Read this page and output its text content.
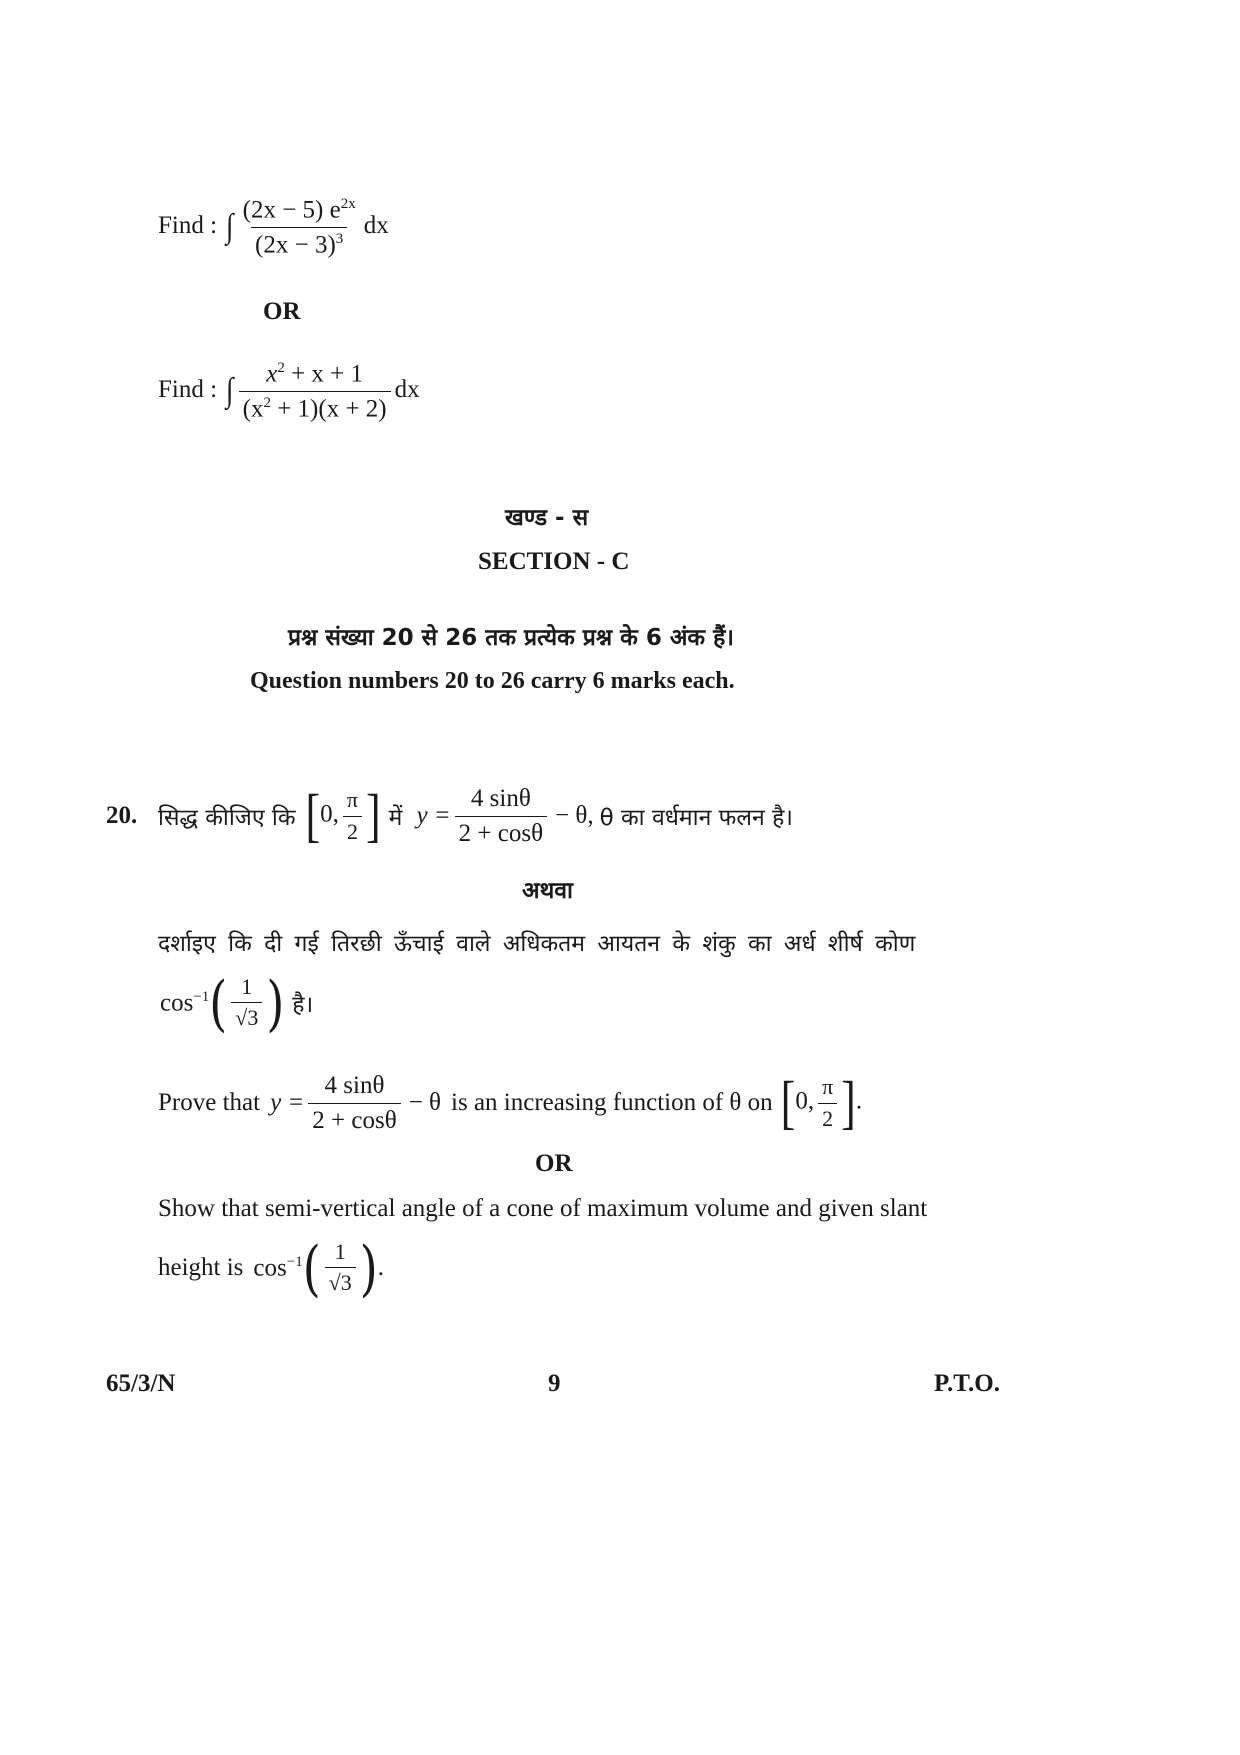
Find : ∫ $\frac{(2x - 5) e^{2x}}{(2x - 3)^3}$ dx
OR
Find : ∫ $\frac{x^2 + x + 1}{(x^2 + 1)(x + 2)}$ dx
खण्ड - स
SECTION - C
प्रश्न संख्या 20 से 26 तक प्रत्येक प्रश्न के 6 अंक हैं।
Question numbers 20 to 26 carry 6 marks each.
20. सिद्ध कीजिए कि [0, $\frac{\pi}{2}$ ] में $y = \frac{4 \sin\theta}{2 + \cos\theta} - \theta$, θ का वर्धमान फलन है।
अथवा
दर्शाइए कि दी गई तिरछी ऊँचाई वाले अधिकतम आयतन के शंकु का अर्ध शीर्ष कोण
$\cos^{-1}$ ( $\frac{1}{√3}$ ) है।
Prove that $y = \frac{4 \sin\theta}{2 + \cos\theta} - \theta$ is an increasing function of θ on [0, $\frac{\pi}{2}$ ].
OR
Show that semi-vertical angle of a cone of maximum volume and given slant
height is $\cos^{-1}$ ( $\frac{1}{√3}$ ) .
65/3/N	9	P.T.O.
